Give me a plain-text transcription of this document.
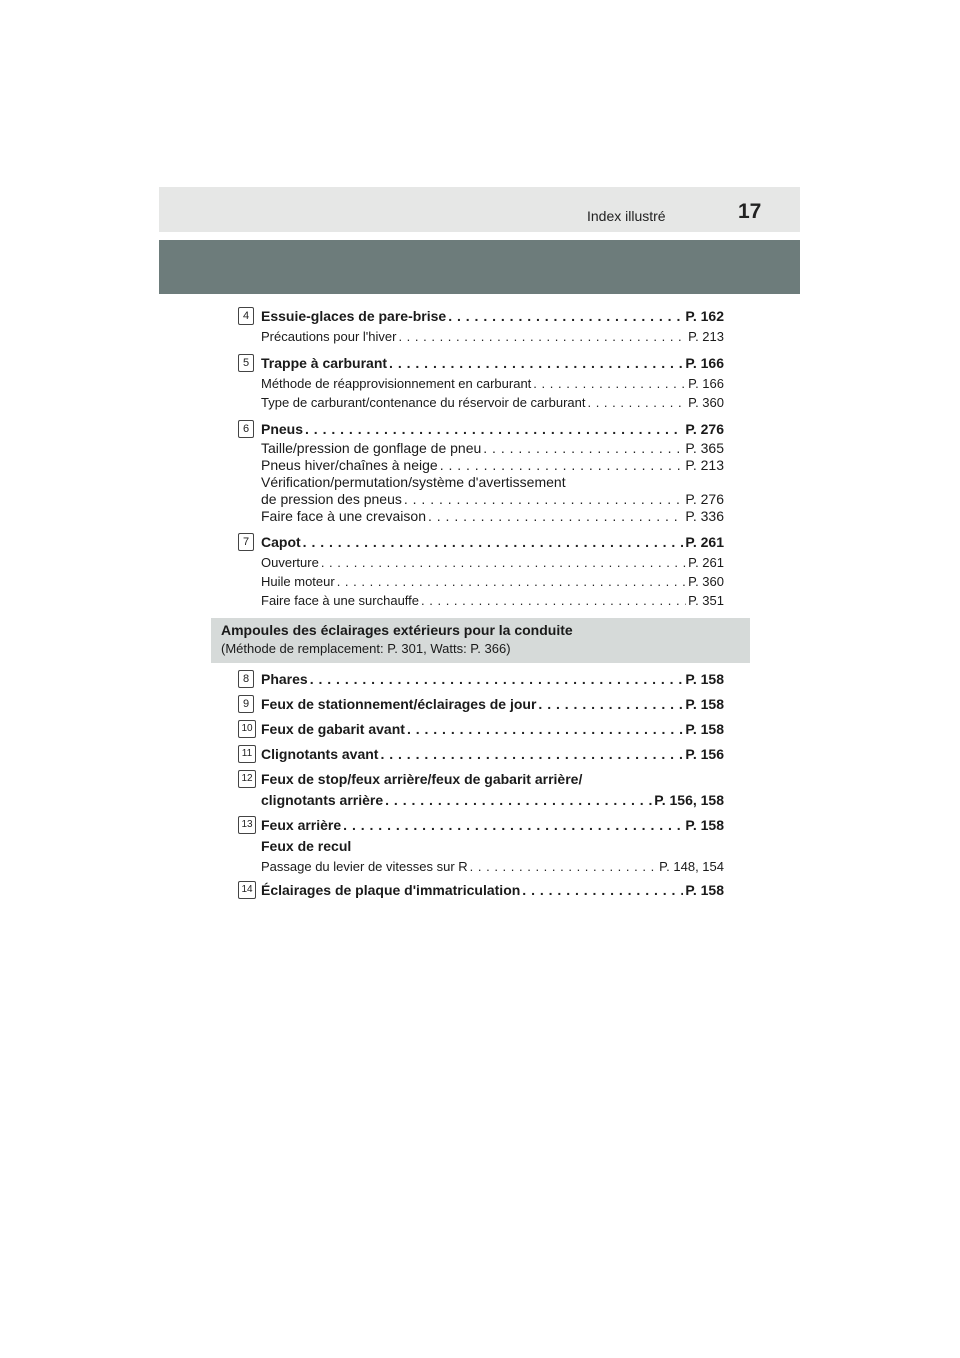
Index illustré	17
4 Essuie-glaces de pare-brise . . .	P. 162
Précautions pour l'hiver . . .	P. 213
5 Trappe à carburant . . .	P. 166
Méthode de réapprovisionnement en carburant . . .	P. 166
Type de carburant/contenance du réservoir de carburant . . .	P. 360
6 Pneus . . .	P. 276
Taille/pression de gonflage de pneu . . .	P. 365
Pneus hiver/chaînes à neige . . .	P. 213
Vérification/permutation/système d'avertissement
de pression des pneus . . .	P. 276
Faire face à une crevaison . . .	P. 336
7 Capot . . .	P. 261
Ouverture . . .	P. 261
Huile moteur . . .	P. 360
Faire face à une surchauffe . . .	P. 351
Ampoules des éclairages extérieurs pour la conduite
(Méthode de remplacement: P. 301, Watts: P. 366)
8 Phares . . .	P. 158
9 Feux de stationnement/éclairages de jour . . .	P. 158
10 Feux de gabarit avant . . .	P. 158
11 Clignotants avant . . .	P. 156
12 Feux de stop/feux arrière/feux de gabarit arrière/
clignotants arrière . . .	P. 156, 158
13 Feux arrière . . .	P. 158
Feux de recul
Passage du levier de vitesses sur R . . .	P. 148, 154
14 Éclairages de plaque d'immatriculation . . .	P. 158
